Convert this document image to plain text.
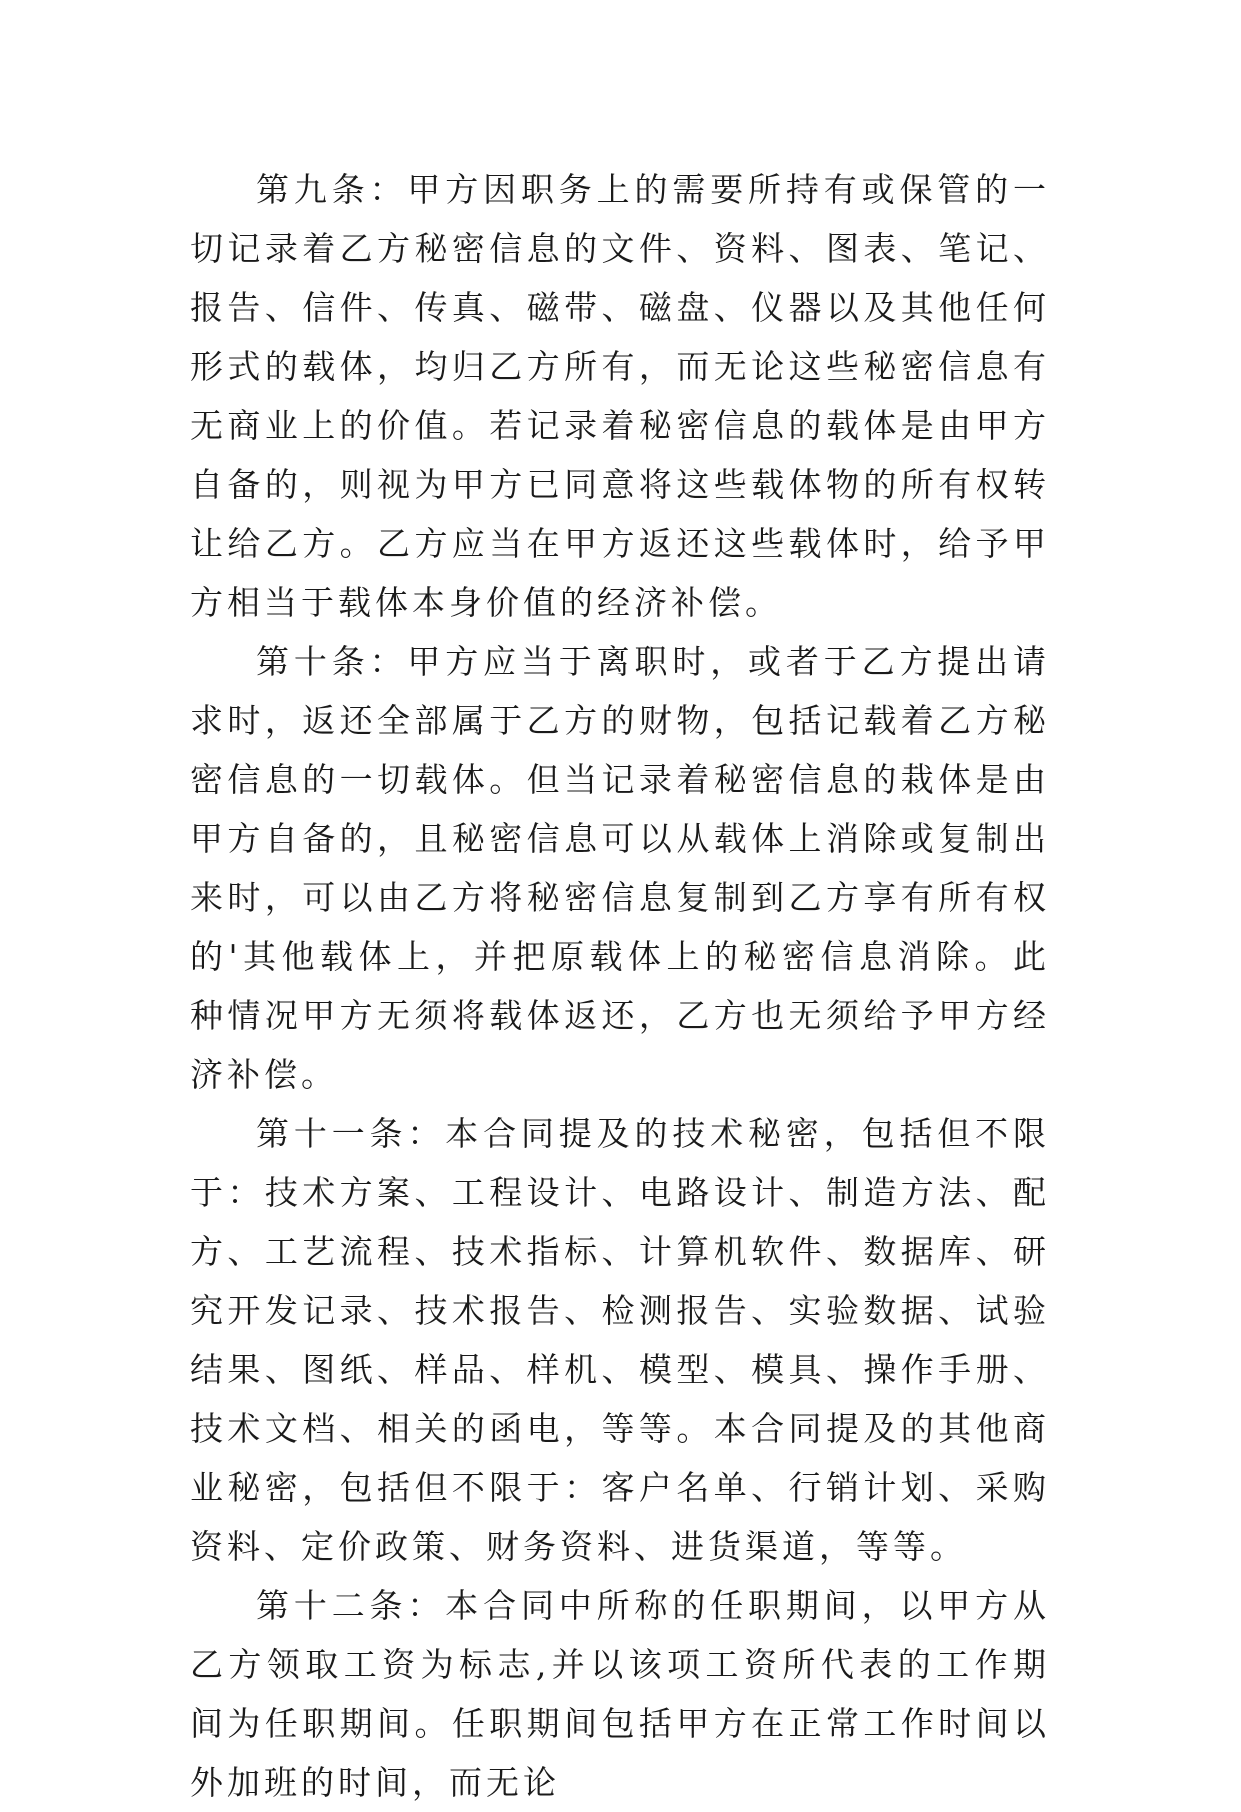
第九条：甲方因职务上的需要所持有或保管的一切记录着乙方秘密信息的文件、资料、图表、笔记、报告、信件、传真、磁带、磁盘、仪器以及其他任何形式的载体，均归乙方所有，而无论这些秘密信息有无商业上的价值。若记录着秘密信息的载体是由甲方自备的，则视为甲方已同意将这些载体物的所有权转让给乙方。乙方应当在甲方返还这些载体时，给予甲方相当于载体本身价值的经济补偿。

第十条：甲方应当于离职时，或者于乙方提出请求时，返还全部属于乙方的财物，包括记载着乙方秘密信息的一切载体。但当记录着秘密信息的栽体是由甲方自备的，且秘密信息可以从载体上消除或复制出来时，可以由乙方将秘密信息复制到乙方享有所有权的'其他载体上，并把原载体上的秘密信息消除。此种情况甲方无须将载体返还，乙方也无须给予甲方经济补偿。

第十一条：本合同提及的技术秘密，包括但不限于：技术方案、工程设计、电路设计、制造方法、配方、工艺流程、技术指标、计算机软件、数据库、研究开发记录、技术报告、检测报告、实验数据、试验结果、图纸、样品、样机、模型、模具、操作手册、技术文档、相关的函电，等等。本合同提及的其他商业秘密，包括但不限于：客户名单、行销计划、采购资料、定价政策、财务资料、进货渠道，等等。

第十二条：本合同中所称的任职期间，以甲方从乙方领取工资为标志,并以该项工资所代表的工作期间为任职期间。任职期间包括甲方在正常工作时间以外加班的时间，而无论
